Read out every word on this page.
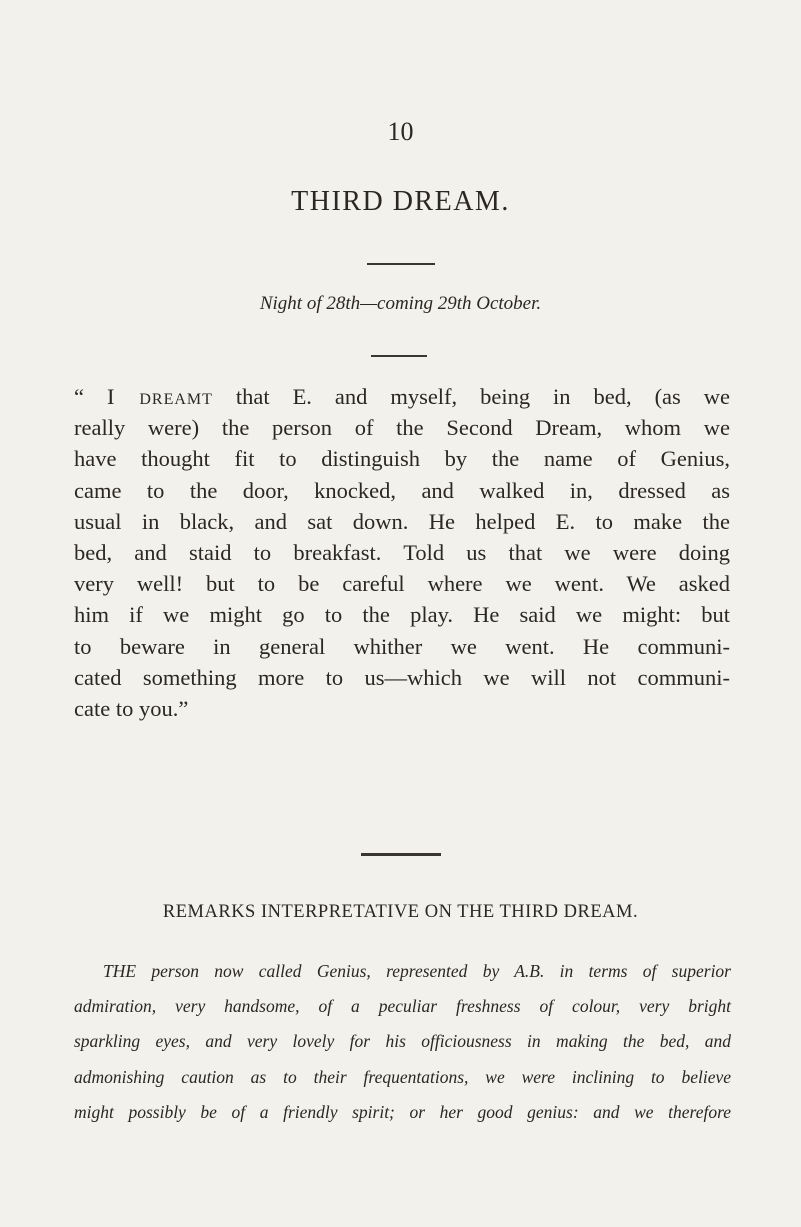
10
THIRD DREAM.
Night of 28th—coming 29th October.
“ I dreamt that E. and myself, being in bed, (as we
really were) the person of the Second Dream, whom we
have thought fit to distinguish by the name of Genius,
came to the door, knocked, and walked in, dressed as
usual in black, and sat down. He helped E. to make the
bed, and staid to breakfast. Told us that we were doing
very well! but to be careful where we went. We asked
him if we might go to the play. He said we might: but
to beware in general whither we went. He communi-
cated something more to us—which we will not communi-
cate to you.”
REMARKS INTERPRETATIVE ON THE THIRD DREAM.
THE person now called Genius, represented by A.B. in terms of superior
admiration, very handsome, of a peculiar freshness of colour, very bright
sparkling eyes, and very lovely for his officiousness in making the bed, and
admonishing caution as to their frequentations, we were inclining to believe
might possibly be of a friendly spirit; or her good genius: and we therefore
